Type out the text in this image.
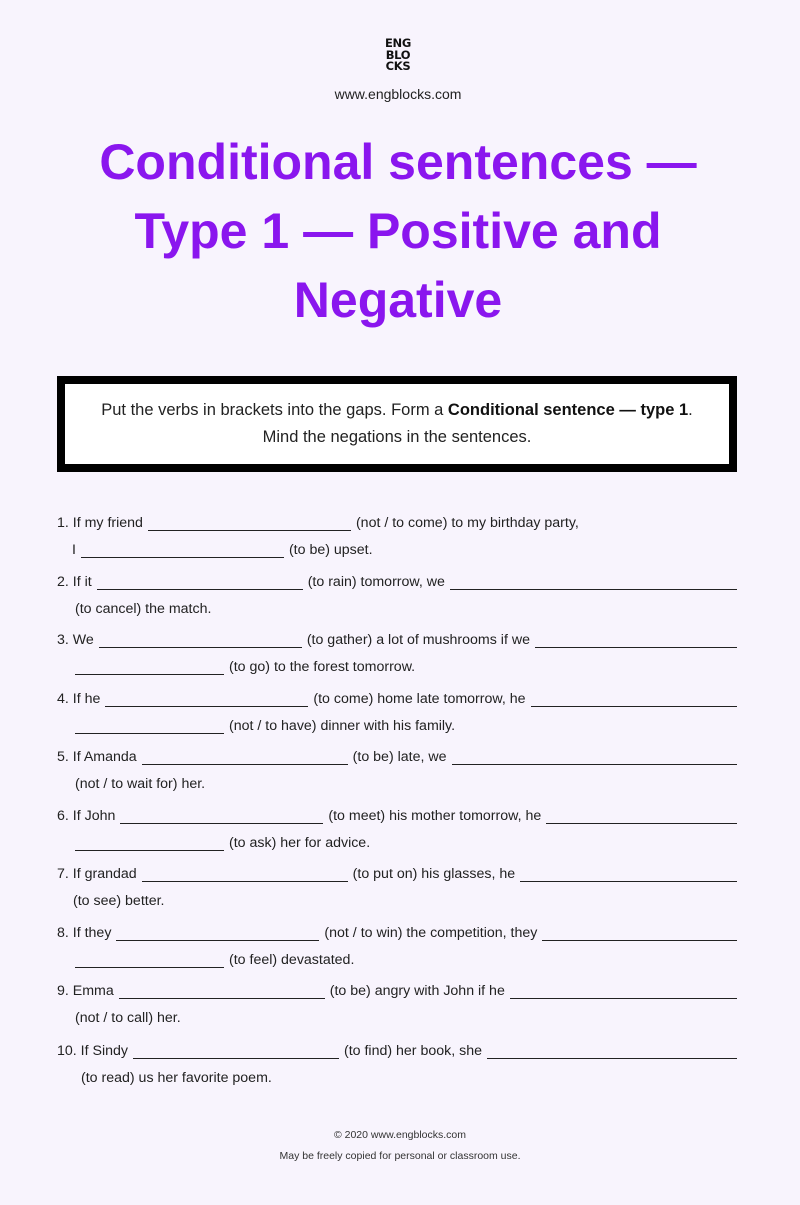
ENG
BLO
CKS
www.engblocks.com
Conditional sentences — Type 1 — Positive and Negative
Put the verbs in brackets into the gaps. Form a Conditional sentence — type 1. Mind the negations in the sentences.
1. If my friend	(not / to come) to my birthday party,
I	(to be) upset.
2. If it	(to rain) tomorrow, we
(to cancel) the match.
3. We	(to gather) a lot of mushrooms if we
(to go) to the forest tomorrow.
4. If he	(to come) home late tomorrow, he
(not / to have) dinner with his family.
5. If Amanda	(to be) late, we
(not / to wait for) her.
6. If John	(to meet) his mother tomorrow, he
(to ask) her for advice.
7. If grandad	(to put on) his glasses, he
(to see) better.
8. If they	(not / to win) the competition, they
(to feel) devastated.
9. Emma	(to be) angry with John if he
(not / to call) her.
10. If Sindy	(to find) her book, she
(to read) us her favorite poem.
© 2020 www.engblocks.com
May be freely copied for personal or classroom use.
